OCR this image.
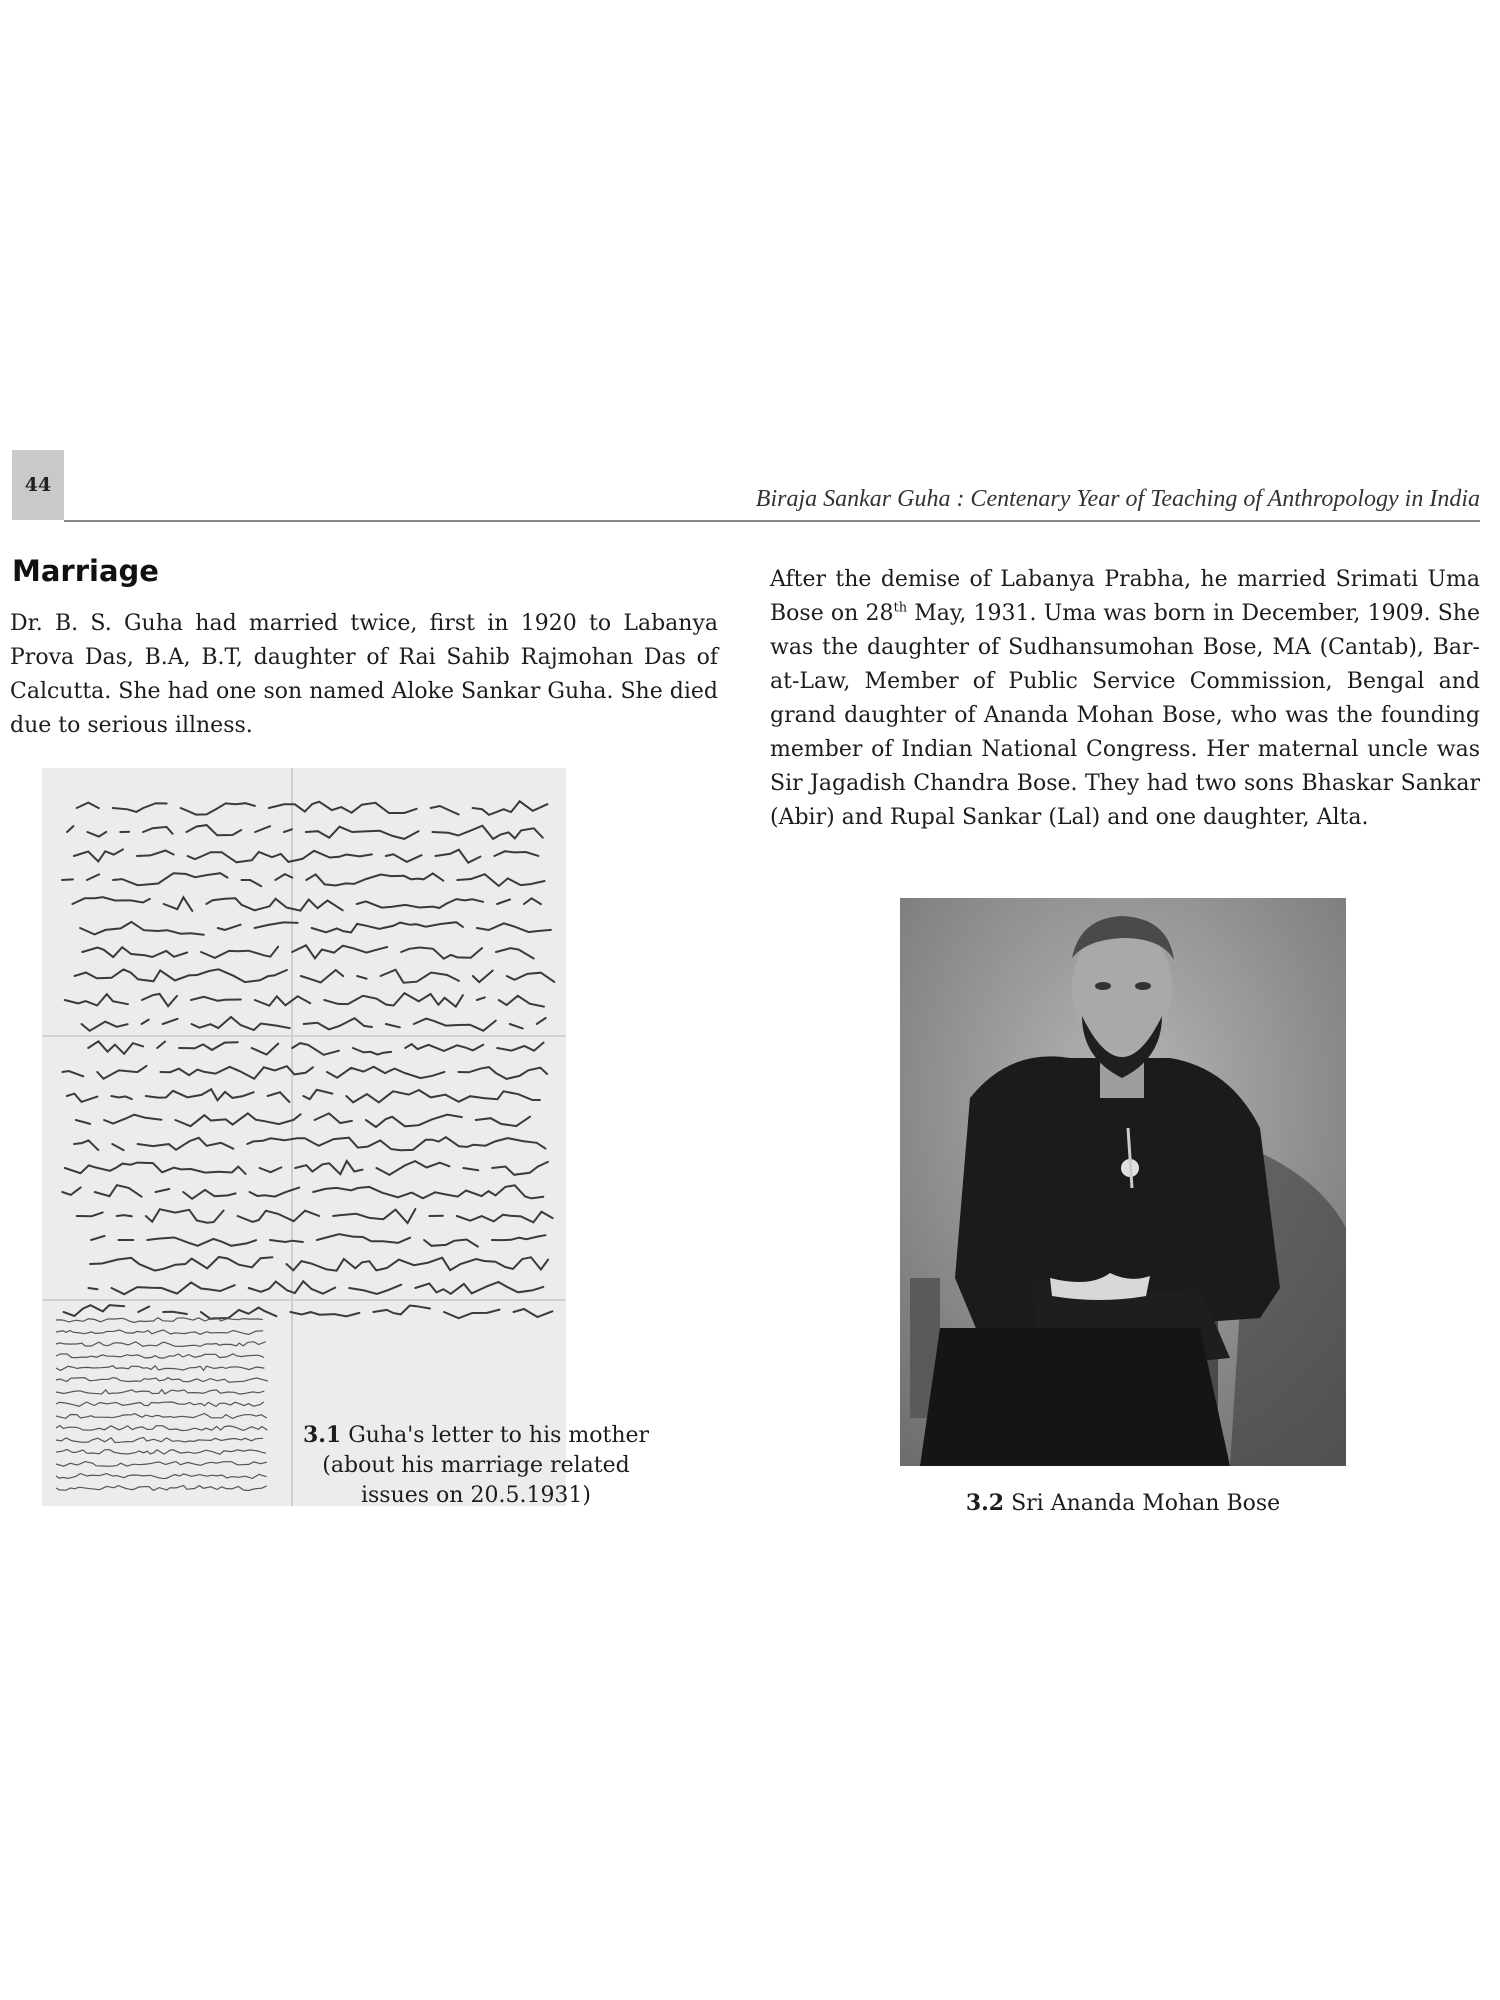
44
Biraja Sankar Guha : Centenary Year of Teaching of Anthropology in India
Marriage

Dr. B. S. Guha had married twice, first in 1920 to Labanya Prova Das, B.A, B.T, daughter of Rai Sahib Rajmohan Das of Calcutta. She had one son named Aloke Sankar Guha. She died due to serious illness.

After the demise of Labanya Prabha, he married Srimati Uma Bose on 28th May, 1931. Uma was born in December, 1909. She was the daughter of Sudhansumohan Bose, MA (Cantab), Bar-at-Law, Member of Public Service Commission, Bengal and grand daughter of Ananda Mohan Bose, who was the founding member of Indian National Congress. Her maternal uncle was Sir Jagadish Chandra Bose. They had two sons Bhaskar Sankar (Abir) and Rupal Sankar (Lal) and one daughter, Alta.

3.1 Guha's letter to his mother
(about his marriage related
issues on 20.5.1931)	3.2 Sri Ananda Mohan Bose
